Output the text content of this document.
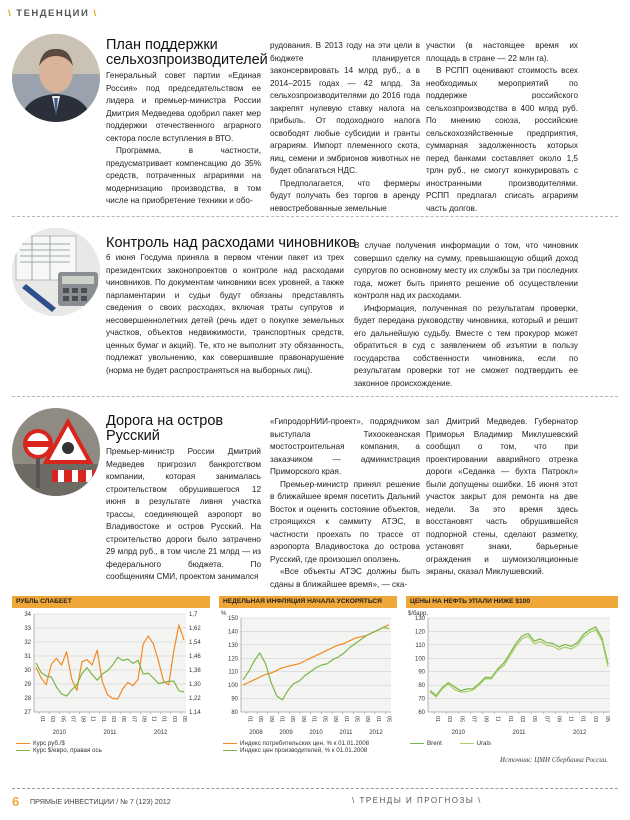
\ ТЕНДЕНЦИИ \
План поддержки
сельхозпроизводителей

Генеральный совет партии «Единая Россия» под председательством ее лидера и премьер-министра России Дмитрия Медведева одобрил пакет мер поддержки отечественного аграрного сектора после вступления в ВТО.

Программа, в частности, предусматривает компенсацию до 35% средств, потраченных аграриями на модернизацию производства, в том числе на приобретение техники и обо-

рудования. В 2013 году на эти цели в бюджете планируется законсервировать 14 млрд руб., а в 2014–2015 годах — 42 млрд. За сельхозпроизводителями до 2016 года закрепят нулевую ставку налога на прибыль. От подоходного налога освободят любые субсидии и гранты аграриям. Импорт племенного скота, яиц, семени и эмбрионов животных не будет облагаться НДС.

Предполагается, что фермеры будут получать без торгов в аренду невостребованные земельные

участки (в настоящее время их площадь в стране — 22 млн га).

В РСПП оценивают стоимость всех необходимых мероприятий по поддержке российского сельхозпроизводства в 400 млрд руб. По мнению союза, российские сельскохозяйственные предприятия, суммарная задолженность которых перед банками составляет около 1,5 трлн руб., не смогут конкурировать с иностранными производителями. РСПП предлагал списать аграриям часть долгов.

Контроль над расходами чиновников

6 июня Госдума приняла в первом чтении пакет из трех президентских законопроектов о контроле над расходами чиновников. По документам чиновники всех уровней, а также парламентарии и судьи будут обязаны представлять сведения о своих расходах, включая траты супругов и несовершеннолетних детей (речь идет о покупке земельных участков, объектов недвижимости, транспортных средств, ценных бумаг и акций). Те, кто не выполнит эту обязанность, подлежат увольнению, как совершившие правонарушение (норма не будет распространяться на выборных лиц).

В случае получения информации о том, что чиновник совершил сделку на сумму, превышающую общий доход супругов по основному месту их службы за три последних года, может быть принято решение об осуществлении контроля над их расходами.

Информация, полученная по результатам проверки, будет передана руководству чиновника, который и решит его дальнейшую судьбу. Вместе с тем прокурор может обратиться в суд с заявлением об изъятии в пользу государства собственности чиновника, если по результатам проверки тот не сможет подтвердить ее законное происхождение.

Дорога на остров
Русский

Премьер-министр России Дмитрий Медведев пригрозил банкротством компании, которая занималась строительством обрушившегося 12 июня в результате ливня участка трассы, соединяющей аэропорт во Владивостоке и остров Русский. На строительство дороги было затрачено 29 млрд руб., в том числе 21 млрд — из федерального бюджета. По сообщениям СМИ, проектом занимался

«ГипродорНИИ-проект», подрядчиком выступала Тихоокеанская мостостроительная компания, а заказчиком — администрация Приморского края.

Премьер-министр принял решение в ближайшее время посетить Дальний Восток и оценить состояние объектов, строящихся к саммиту АТЭС, в частности проехать по трассе от аэропорта Владивостока до острова Русский, где произошел оползень.

«Все объекты АТЭС должны быть сданы в ближайшее время», — ска-

зал Дмитрий Медведев. Губернатор Приморья Владимир Миклушевский сообщил о том, что при проектировании аварийного отрезка дороги «Седанка — бухта Патрокл» были допущены ошибки. 16 июня этот участок закрыт для ремонта на две недели. За это время здесь восстановят часть обрушившейся подпорной стены, сделают разметку, установят знаки, барьерные ограждения и шумоизоляционные экраны, сказал Миклушевский.

РУБЛЬ СЛАБЕЕТ
27
28
29
30
31
32
33
34
1,14
1,22
1,30
1,38
1,46
1,54
1,62
1,7
01 03 05 07 09 11 01 03 05 07 09 11 01 03 05
2010	2011	2012
Курс руб./$
Курс $/евро, правая ось
НЕДЕЛЬНАЯ ИНФЛЯЦИЯ НАЧАЛА УСКОРЯТЬСЯ
%
80
90
100
110
120
130
140
150
01 05 09 01 05 09 01 05 09 01 05 09 01 05
2008	2009	2010	2011	2012
Индекс потребительских цен, % к 01.01.2008
Индекс цен производителей, % к 01.01.2008
ЦЕНЫ НА НЕФТЬ УПАЛИ НИЖЕ $100
$/барр.
60
70
80
90
100
110
120
130
01 03 05 07 09 11 01 03 05 07 09 11 01 03 05
2010	2011	2012
Brent	Urals
Источник: ЦМИ Сбербанка России.
6 ПРЯМЫЕ ИНВЕСТИЦИИ / № 7 (123) 2012	\ ТРЕНДЫ И ПРОГНОЗЫ \
